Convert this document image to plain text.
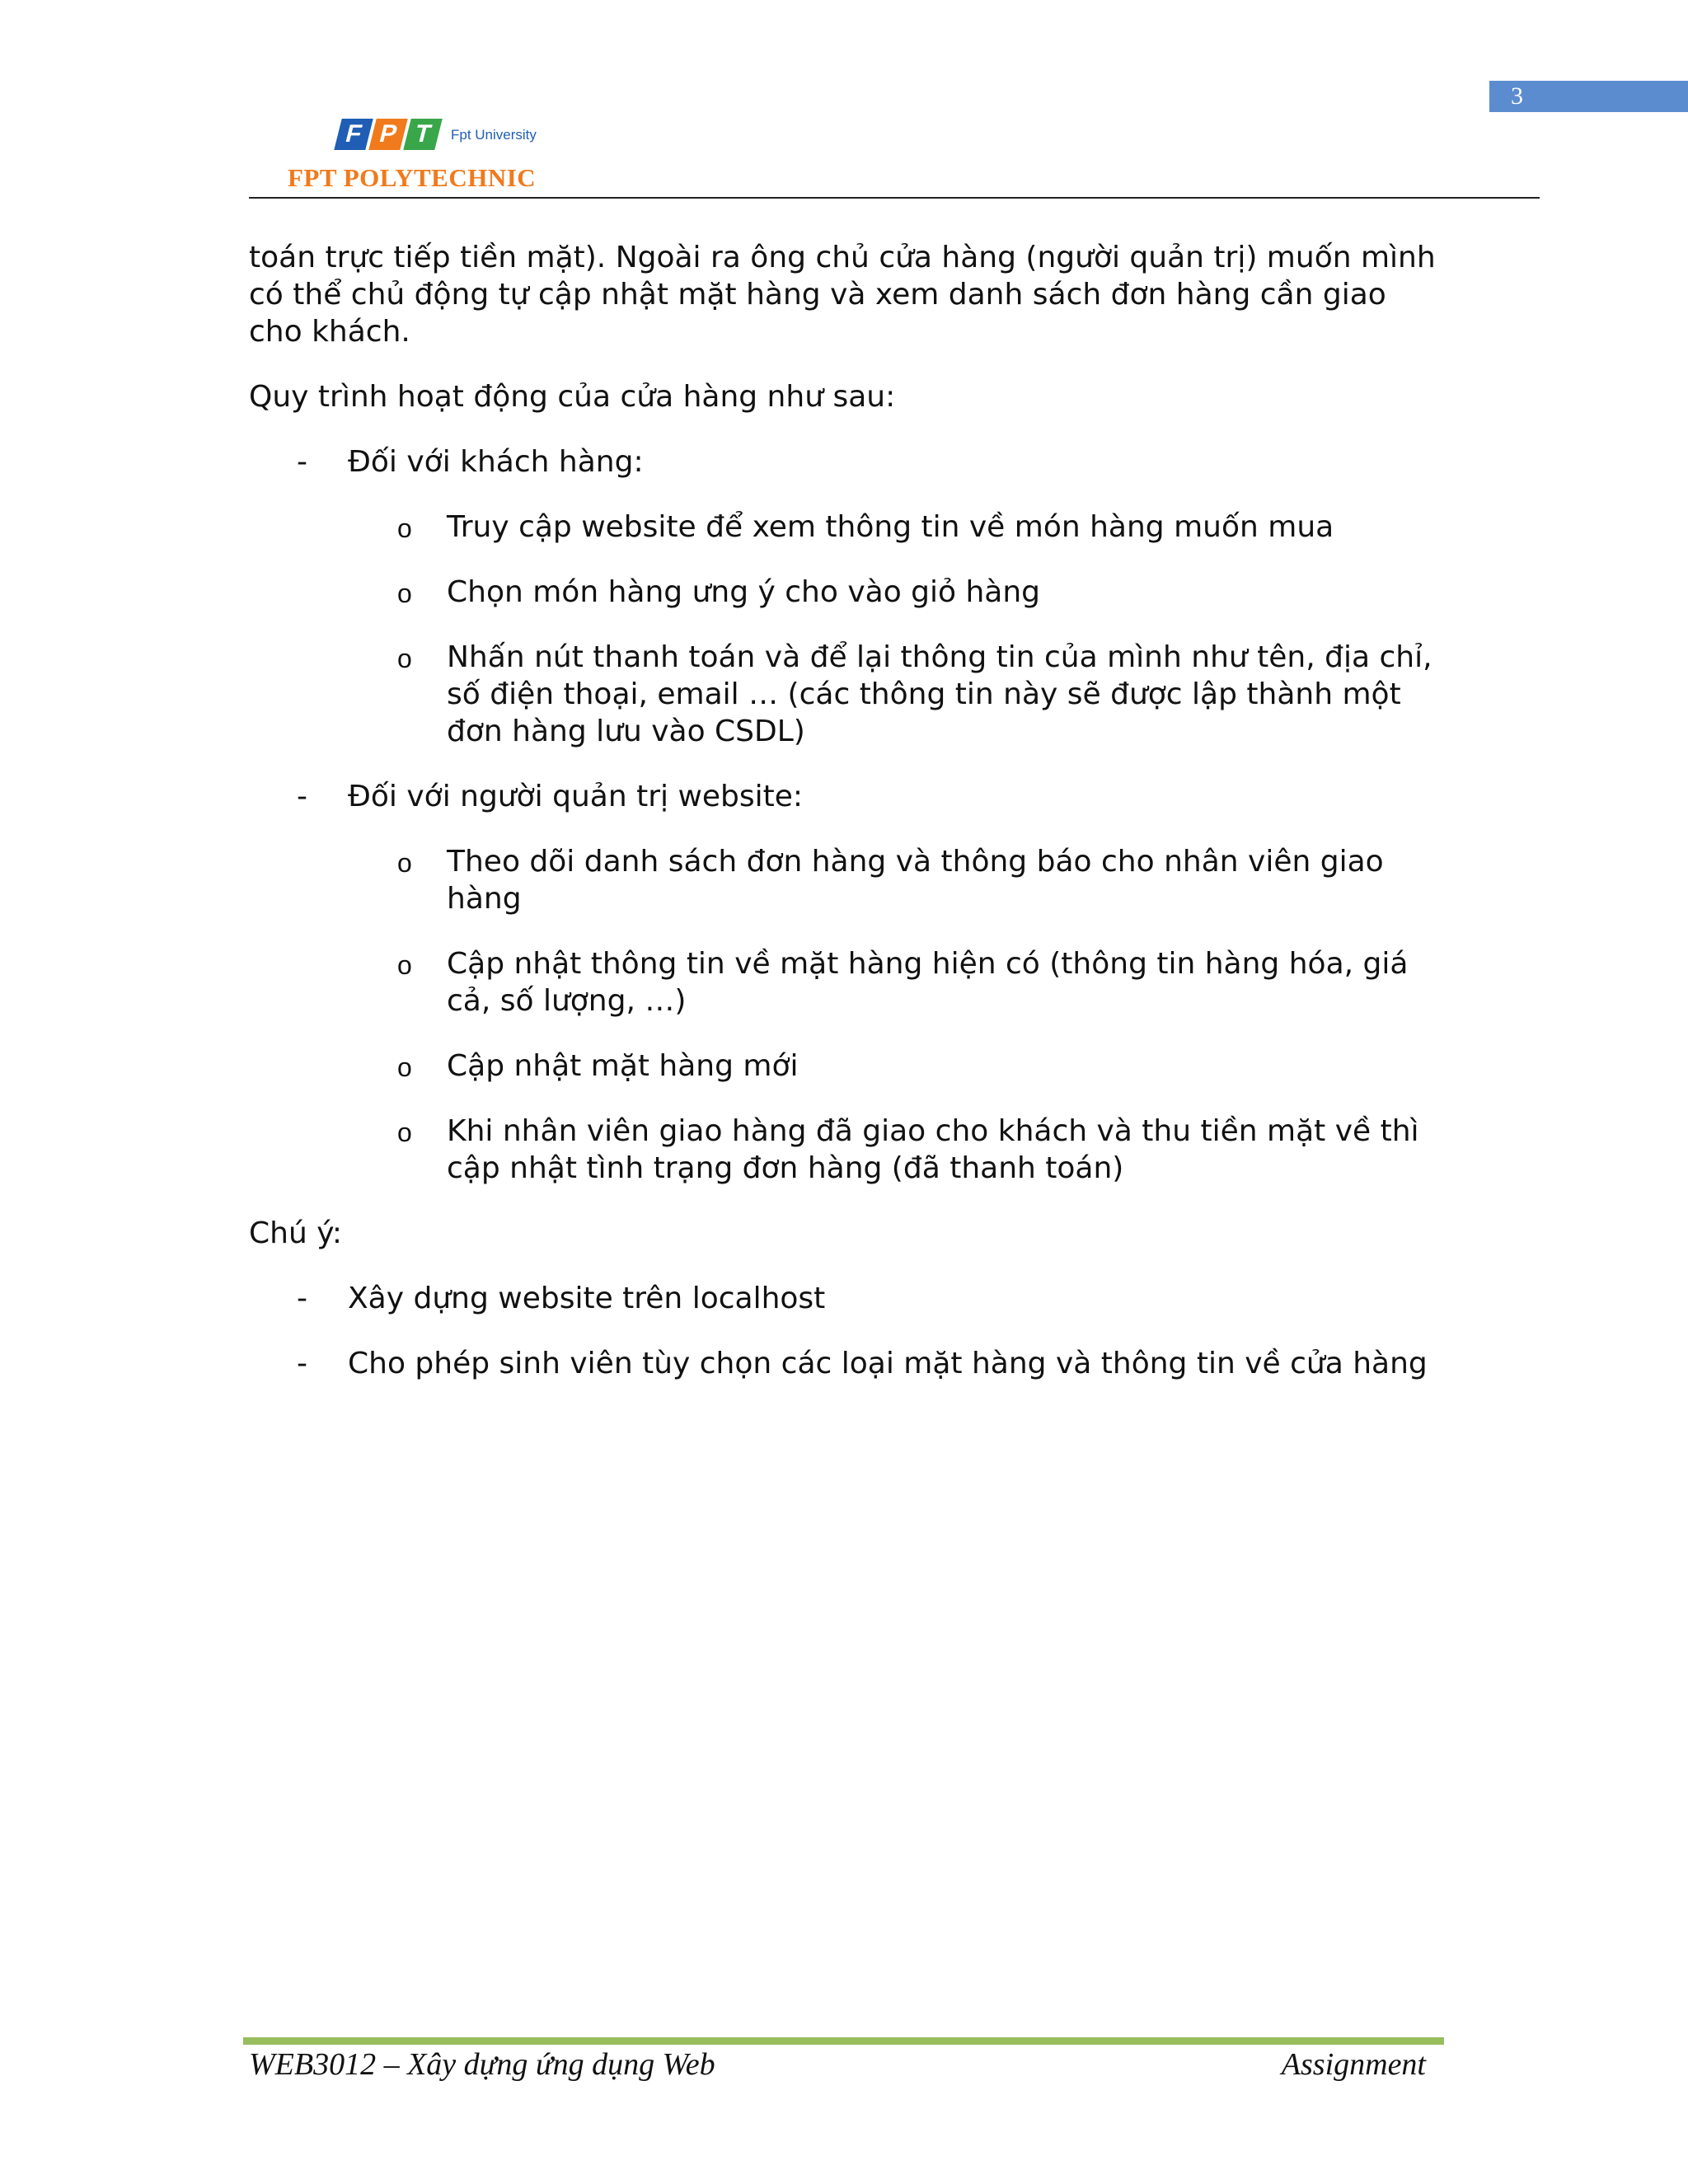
3
F P T	Fpt University
FPT POLYTECHNIC

toán trực tiếp tiền mặt). Ngoài ra ông chủ cửa hàng (người quản trị) muốn mình có thể chủ động tự cập nhật mặt hàng và xem danh sách đơn hàng cần giao cho khách.

Quy trình hoạt động của cửa hàng như sau:

- Đối với khách hàng:
o Truy cập website để xem thông tin về món hàng muốn mua
o Chọn món hàng ưng ý cho vào giỏ hàng
o Nhấn nút thanh toán và để lại thông tin của mình như tên, địa chỉ, số điện thoại, email … (các thông tin này sẽ được lập thành một đơn hàng lưu vào CSDL)
- Đối với người quản trị website:
o Theo dõi danh sách đơn hàng và thông báo cho nhân viên giao hàng
o Cập nhật thông tin về mặt hàng hiện có (thông tin hàng hóa, giá cả, số lượng, …)
o Cập nhật mặt hàng mới
o Khi nhân viên giao hàng đã giao cho khách và thu tiền mặt về thì cập nhật tình trạng đơn hàng (đã thanh toán)

Chú ý:

- Xây dựng website trên localhost
- Cho phép sinh viên tùy chọn các loại mặt hàng và thông tin về cửa hàng
WEB3012 – Xây dựng ứng dụng Web	Assignment
